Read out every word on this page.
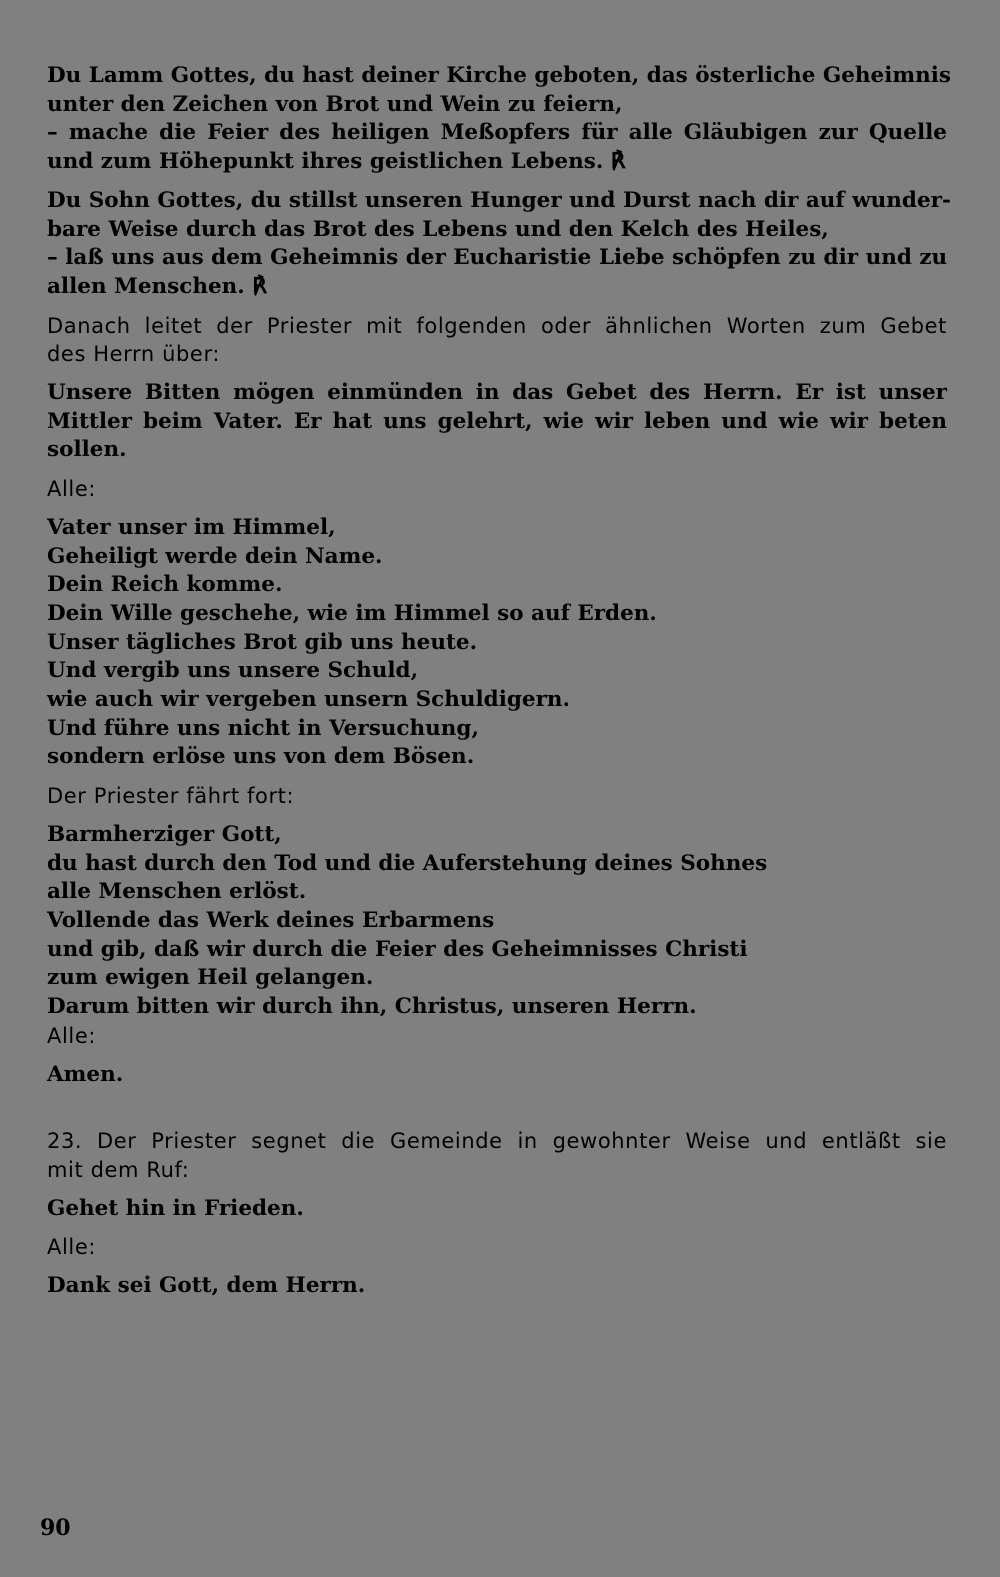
Du Lamm Gottes, du hast deiner Kirche geboten, das österliche Geheimnis
unter den Zeichen von Brot und Wein zu feiern,
– mache die Feier des heiligen Meßopfers für alle Gläubigen zur Quelle
und zum Höhepunkt ihres geistlichen Lebens. ℟
Du Sohn Gottes, du stillst unseren Hunger und Durst nach dir auf wunder-
bare Weise durch das Brot des Lebens und den Kelch des Heiles,
– laß uns aus dem Geheimnis der Eucharistie Liebe schöpfen zu dir und zu
allen Menschen. ℟
Danach leitet der Priester mit folgenden oder ähnlichen Worten zum Gebet
des Herrn über:
Unsere Bitten mögen einmünden in das Gebet des Herrn. Er ist unser
Mittler beim Vater. Er hat uns gelehrt, wie wir leben und wie wir beten
sollen.
Alle:
Vater unser im Himmel,
Geheiligt werde dein Name.
Dein Reich komme.
Dein Wille geschehe, wie im Himmel so auf Erden.
Unser tägliches Brot gib uns heute.
Und vergib uns unsere Schuld,
wie auch wir vergeben unsern Schuldigern.
Und führe uns nicht in Versuchung,
sondern erlöse uns von dem Bösen.
Der Priester fährt fort:
Barmherziger Gott,
du hast durch den Tod und die Auferstehung deines Sohnes
alle Menschen erlöst.
Vollende das Werk deines Erbarmens
und gib, daß wir durch die Feier des Geheimnisses Christi
zum ewigen Heil gelangen.
Darum bitten wir durch ihn, Christus, unseren Herrn.
Alle:
Amen.
23. Der Priester segnet die Gemeinde in gewohnter Weise und entläßt sie
mit dem Ruf:
Gehet hin in Frieden.
Alle:
Dank sei Gott, dem Herrn.
90
